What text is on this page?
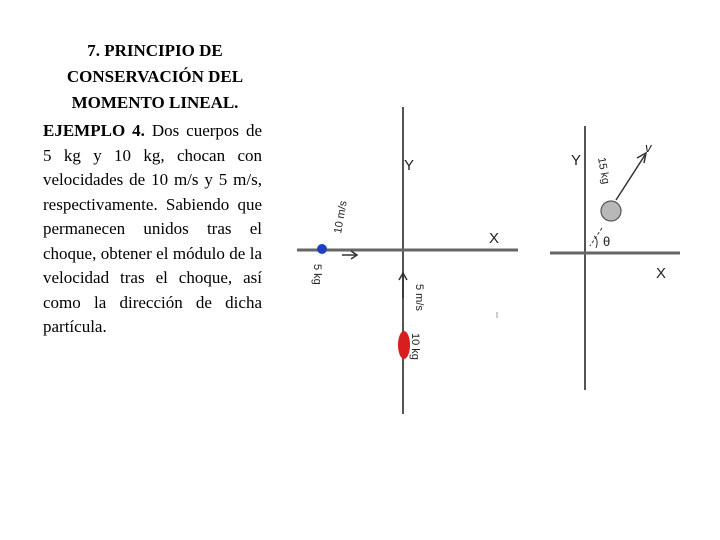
7. PRINCIPIO DE
CONSERVACIÓN DEL
MOMENTO LINEAL.
EJEMPLO 4. Dos cuerpos de 5 kg y 10 kg, chocan con velocidades de 10 m/s y 5 m/s, respectivamente. Sabiendo que permanecen unidos tras el choque, obtener el módulo de la velocidad tras el choque, así como la dirección de dicha partícula.
Y
X
5 kg
10 m/s
10 kg
5 m/s
Y
X
15 kg
v
θ
